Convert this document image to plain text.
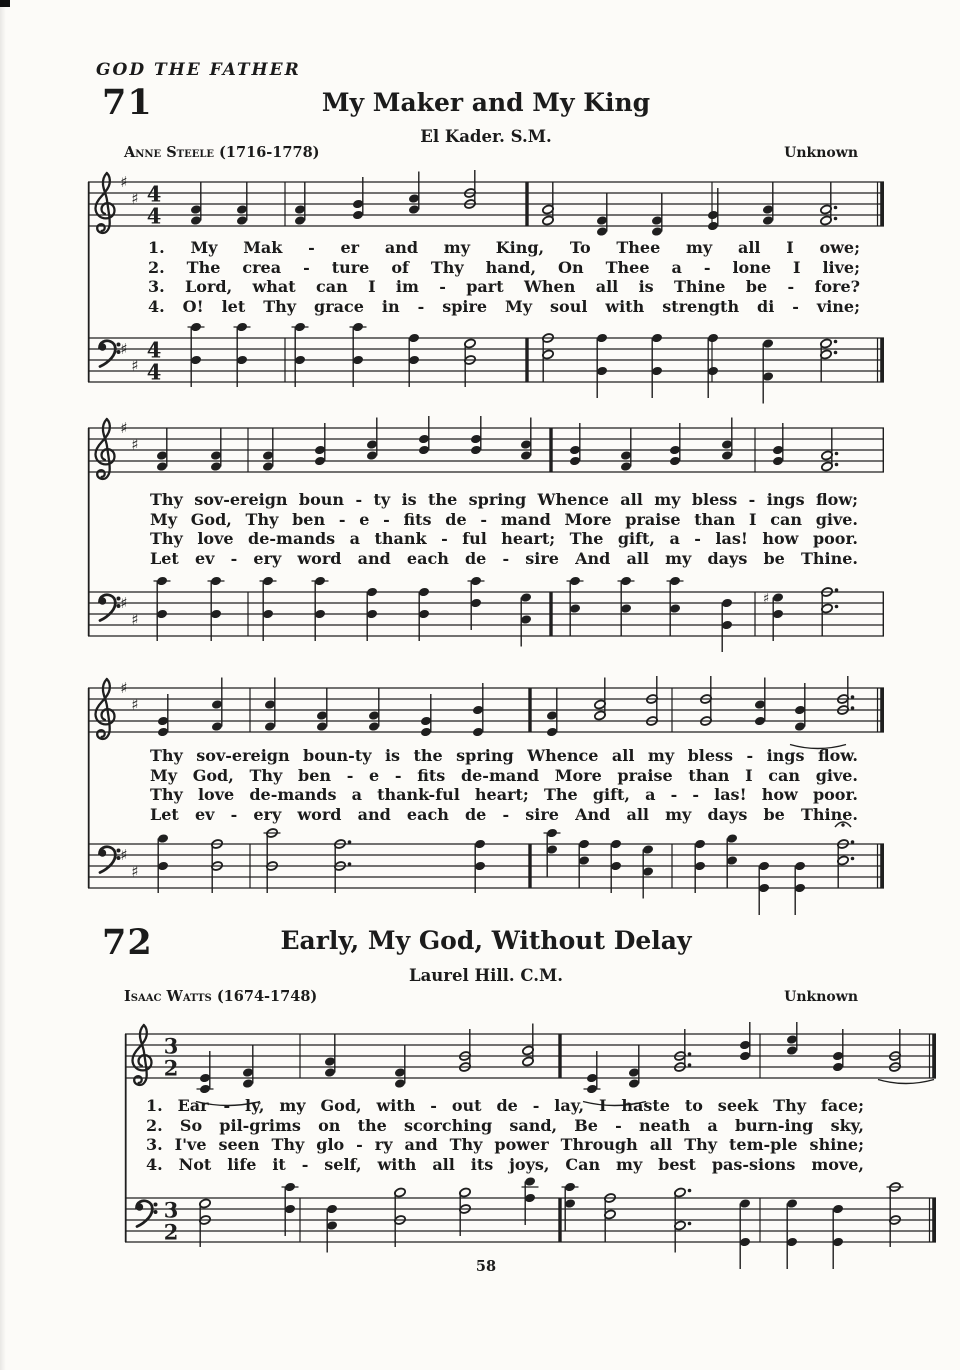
GOD THE FATHER
71	My Maker and My King
El Kader. S.M.
Anne Steele (1716-1778)	Unknown
♯
♯ 4
4
♯
♯
4
4
1. My Mak - er and my King, To Thee my all I owe;
2. The crea - ture of Thy hand, On Thee a - lone I live;
3. Lord, what can I im - part When all is Thine be - fore?
4. O! let Thy grace in - spire My soul with strength di - vine;
♯
♯
♯
♯
♯
Thy sov-ereign boun - ty is the spring Whence all my bless - ings flow;
My God, Thy ben - e - fits de - mand More praise than I can give.
Thy love de-mands a thank - ful heart; The gift, a - las! how poor.
Let ev - ery word and each de - sire And all my days be Thine.
♯
♯
♯
♯
Thy sov-ereign boun-ty is the spring Whence all my bless - ings flow.
My God, Thy ben - e - fits de-mand More praise than I can give.
Thy love de-mands a thank-ful heart; The gift, a - - las! how poor.
Let ev - ery word and each de - sire And all my days be Thine.
72	Early, My God, Without Delay
Laurel Hill. C.M.
Isaac Watts (1674-1748)	Unknown
3
2
3
2
1. Ear - ly, my God, with - out de - lay, I haste to seek Thy face;
2. So pil-grims on the scorching sand, Be - neath a burn-ing sky,
3. I've seen Thy glo - ry and Thy power Through all Thy tem-ple shine;
4. Not life it - self, with all its joys, Can my best pas-sions move,
58
